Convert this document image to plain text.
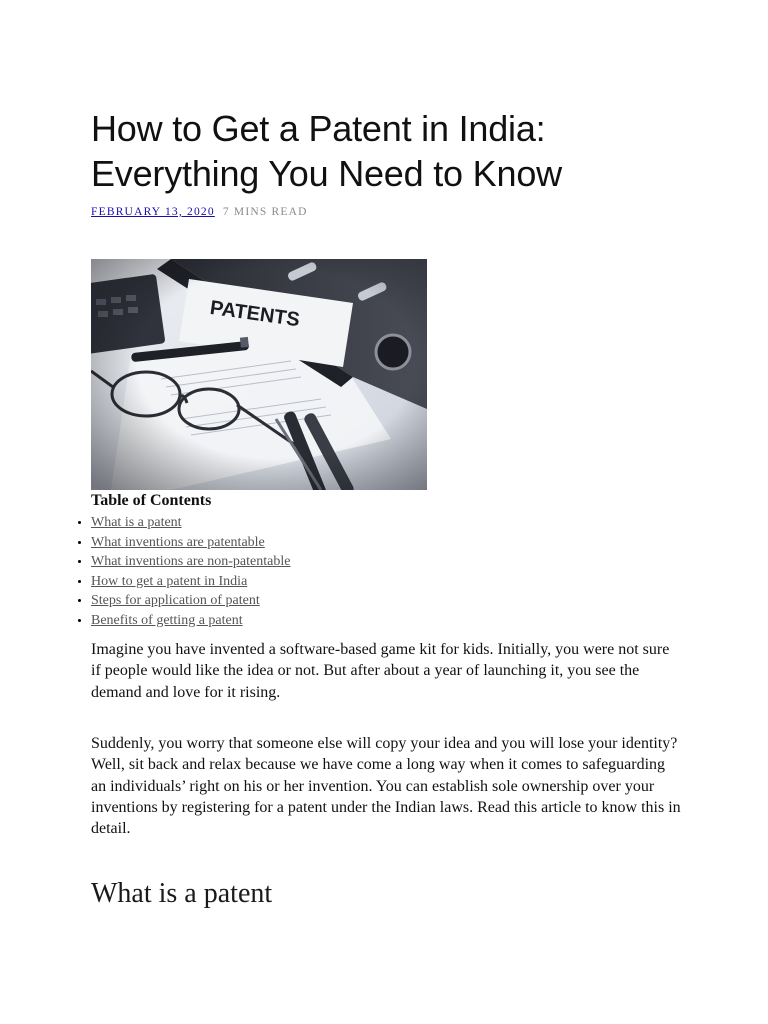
How to Get a Patent in India: Everything You Need to Know
FEBRUARY 13, 2020 7 MINS READ
Table of Contents
• What is a patent
• What inventions are patentable
• What inventions are non-patentable
• How to get a patent in India
• Steps for application of patent
• Benefits of getting a patent

Imagine you have invented a software-based game kit for kids. Initially, you were not sure if people would like the idea or not. But after about a year of launching it, you see the demand and love for it rising.

Suddenly, you worry that someone else will copy your idea and you will lose your identity? Well, sit back and relax because we have come a long way when it comes to safeguarding an individuals’ right on his or her invention. You can establish sole ownership over your inventions by registering for a patent under the Indian laws. Read this article to know this in detail.

What is a patent
